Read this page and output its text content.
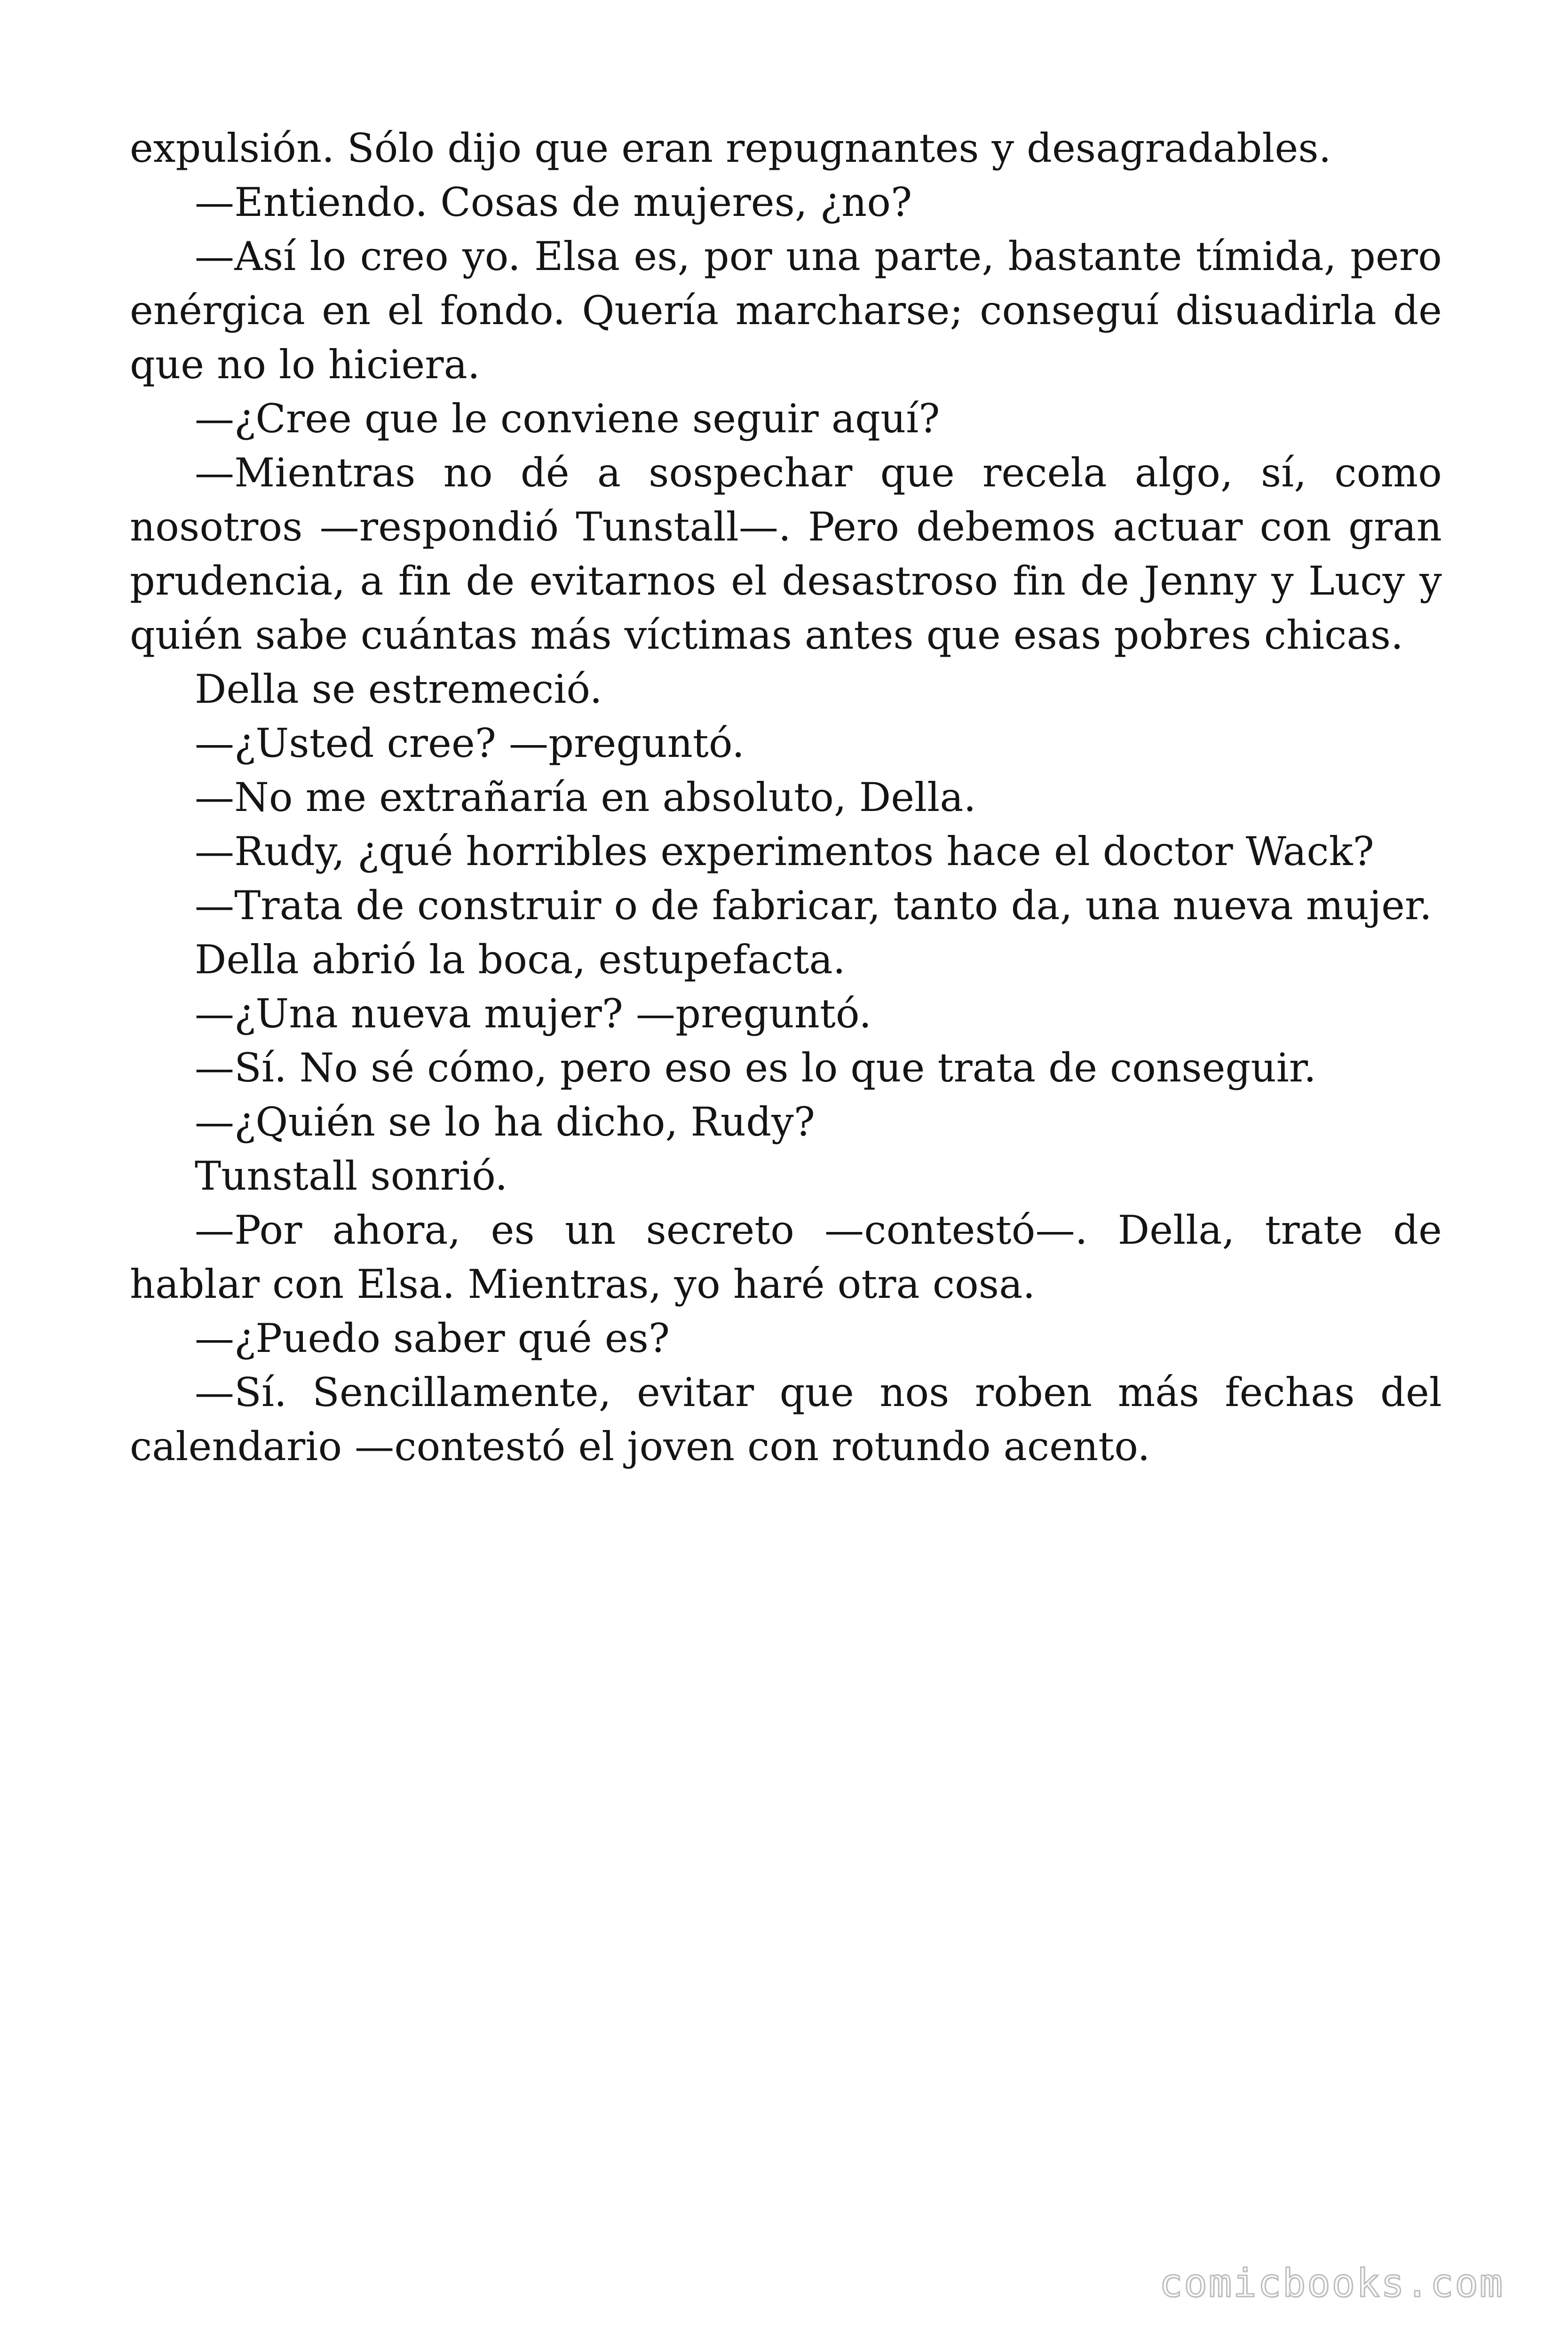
expulsión. Sólo dijo que eran repugnantes y desagradables.

—Entiendo. Cosas de mujeres, ¿no?

—Así lo creo yo. Elsa es, por una parte, bastante tímida, pero enérgica en el fondo. Quería marcharse; conseguí disuadirla de que no lo hiciera.

—¿Cree que le conviene seguir aquí?

—Mientras no dé a sospechar que recela algo, sí, como nosotros —respondió Tunstall—. Pero debemos actuar con gran prudencia, a fin de evitarnos el desastroso fin de Jenny y Lucy y quién sabe cuántas más víctimas antes que esas pobres chicas.

Della se estremeció.

—¿Usted cree? —preguntó.

—No me extrañaría en absoluto, Della.

—Rudy, ¿qué horribles experimentos hace el doctor Wack?

—Trata de construir o de fabricar, tanto da, una nueva mujer.

Della abrió la boca, estupefacta.

—¿Una nueva mujer? —preguntó.

—Sí. No sé cómo, pero eso es lo que trata de conseguir.

—¿Quién se lo ha dicho, Rudy?

Tunstall sonrió.

—Por ahora, es un secreto —contestó—. Della, trate de hablar con Elsa. Mientras, yo haré otra cosa.

—¿Puedo saber qué es?

—Sí. Sencillamente, evitar que nos roben más fechas del calendario —contestó el joven con rotundo acento.

comicbooks.com
